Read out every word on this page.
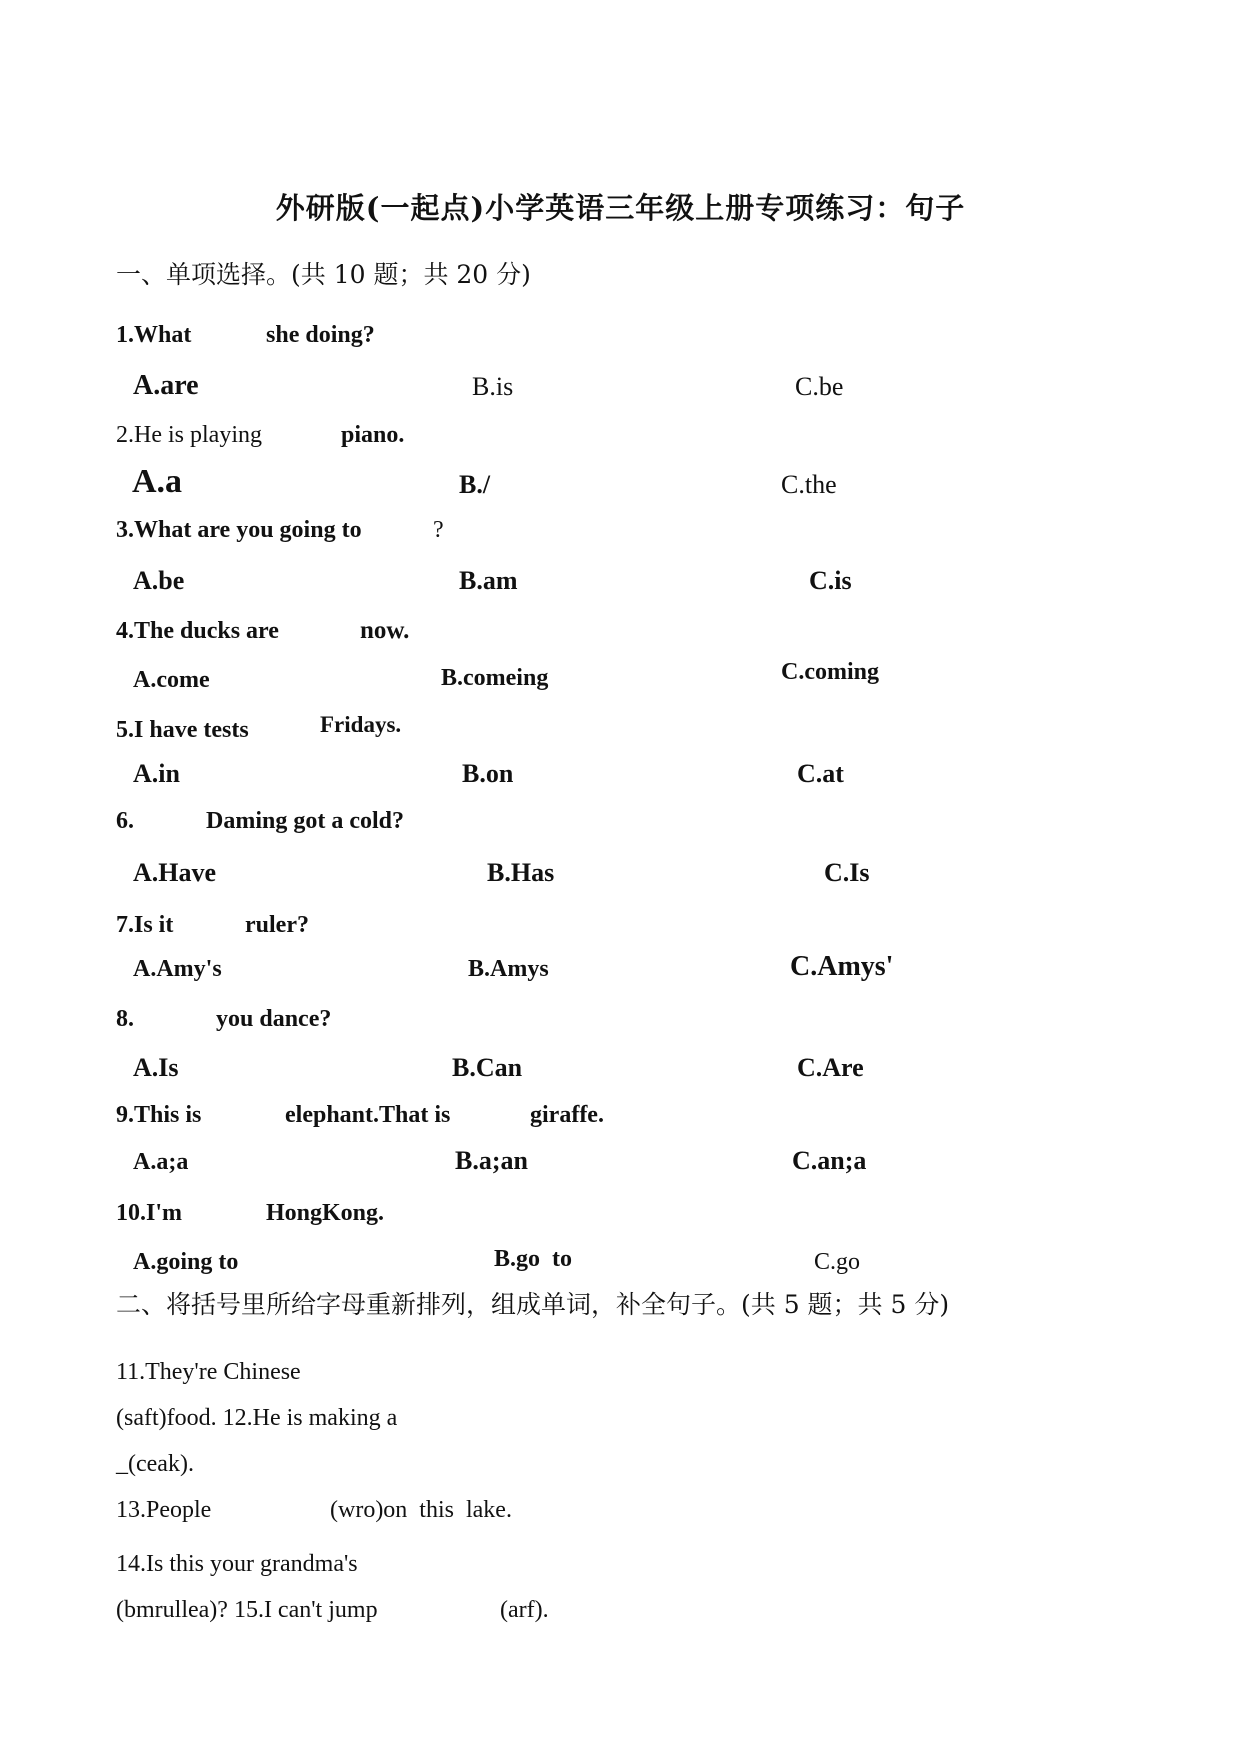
外研版(一起点)小学英语三年级上册专项练习：句子
一、单项选择。(共 10 题；共 20 分)
1.What	she doing?
A.are	B.is	C.be
2.He is playing	piano.
A.a	B./	C.the
3.What are you going to	?
A.be	B.am	C.is
4.The ducks are	now.
A.come	B.comeing	C.coming
5.I have tests	Fridays.
A.in	B.on	C.at
6.	Daming got a cold?
A.Have	B.Has	C.Is
7.Is it	ruler?
A.Amy's	B.Amys	C.Amys'
8.	you dance?
A.Is	B.Can	C.Are
9.This is	elephant.That is	giraffe.
A.a;a	B.a;an	C.an;a
10.I'm	HongKong.
A.going to	B.go  to	C.go
二、将括号里所给字母重新排列，组成单词，补全句子。(共 5 题；共 5 分)
11.They're Chinese
(saft)food. 12.He is making a
_(ceak).
13.People	(wro)on  this  lake.
14.Is this your grandma's
(bmrullea)? 15.I can't jump	(arf).
